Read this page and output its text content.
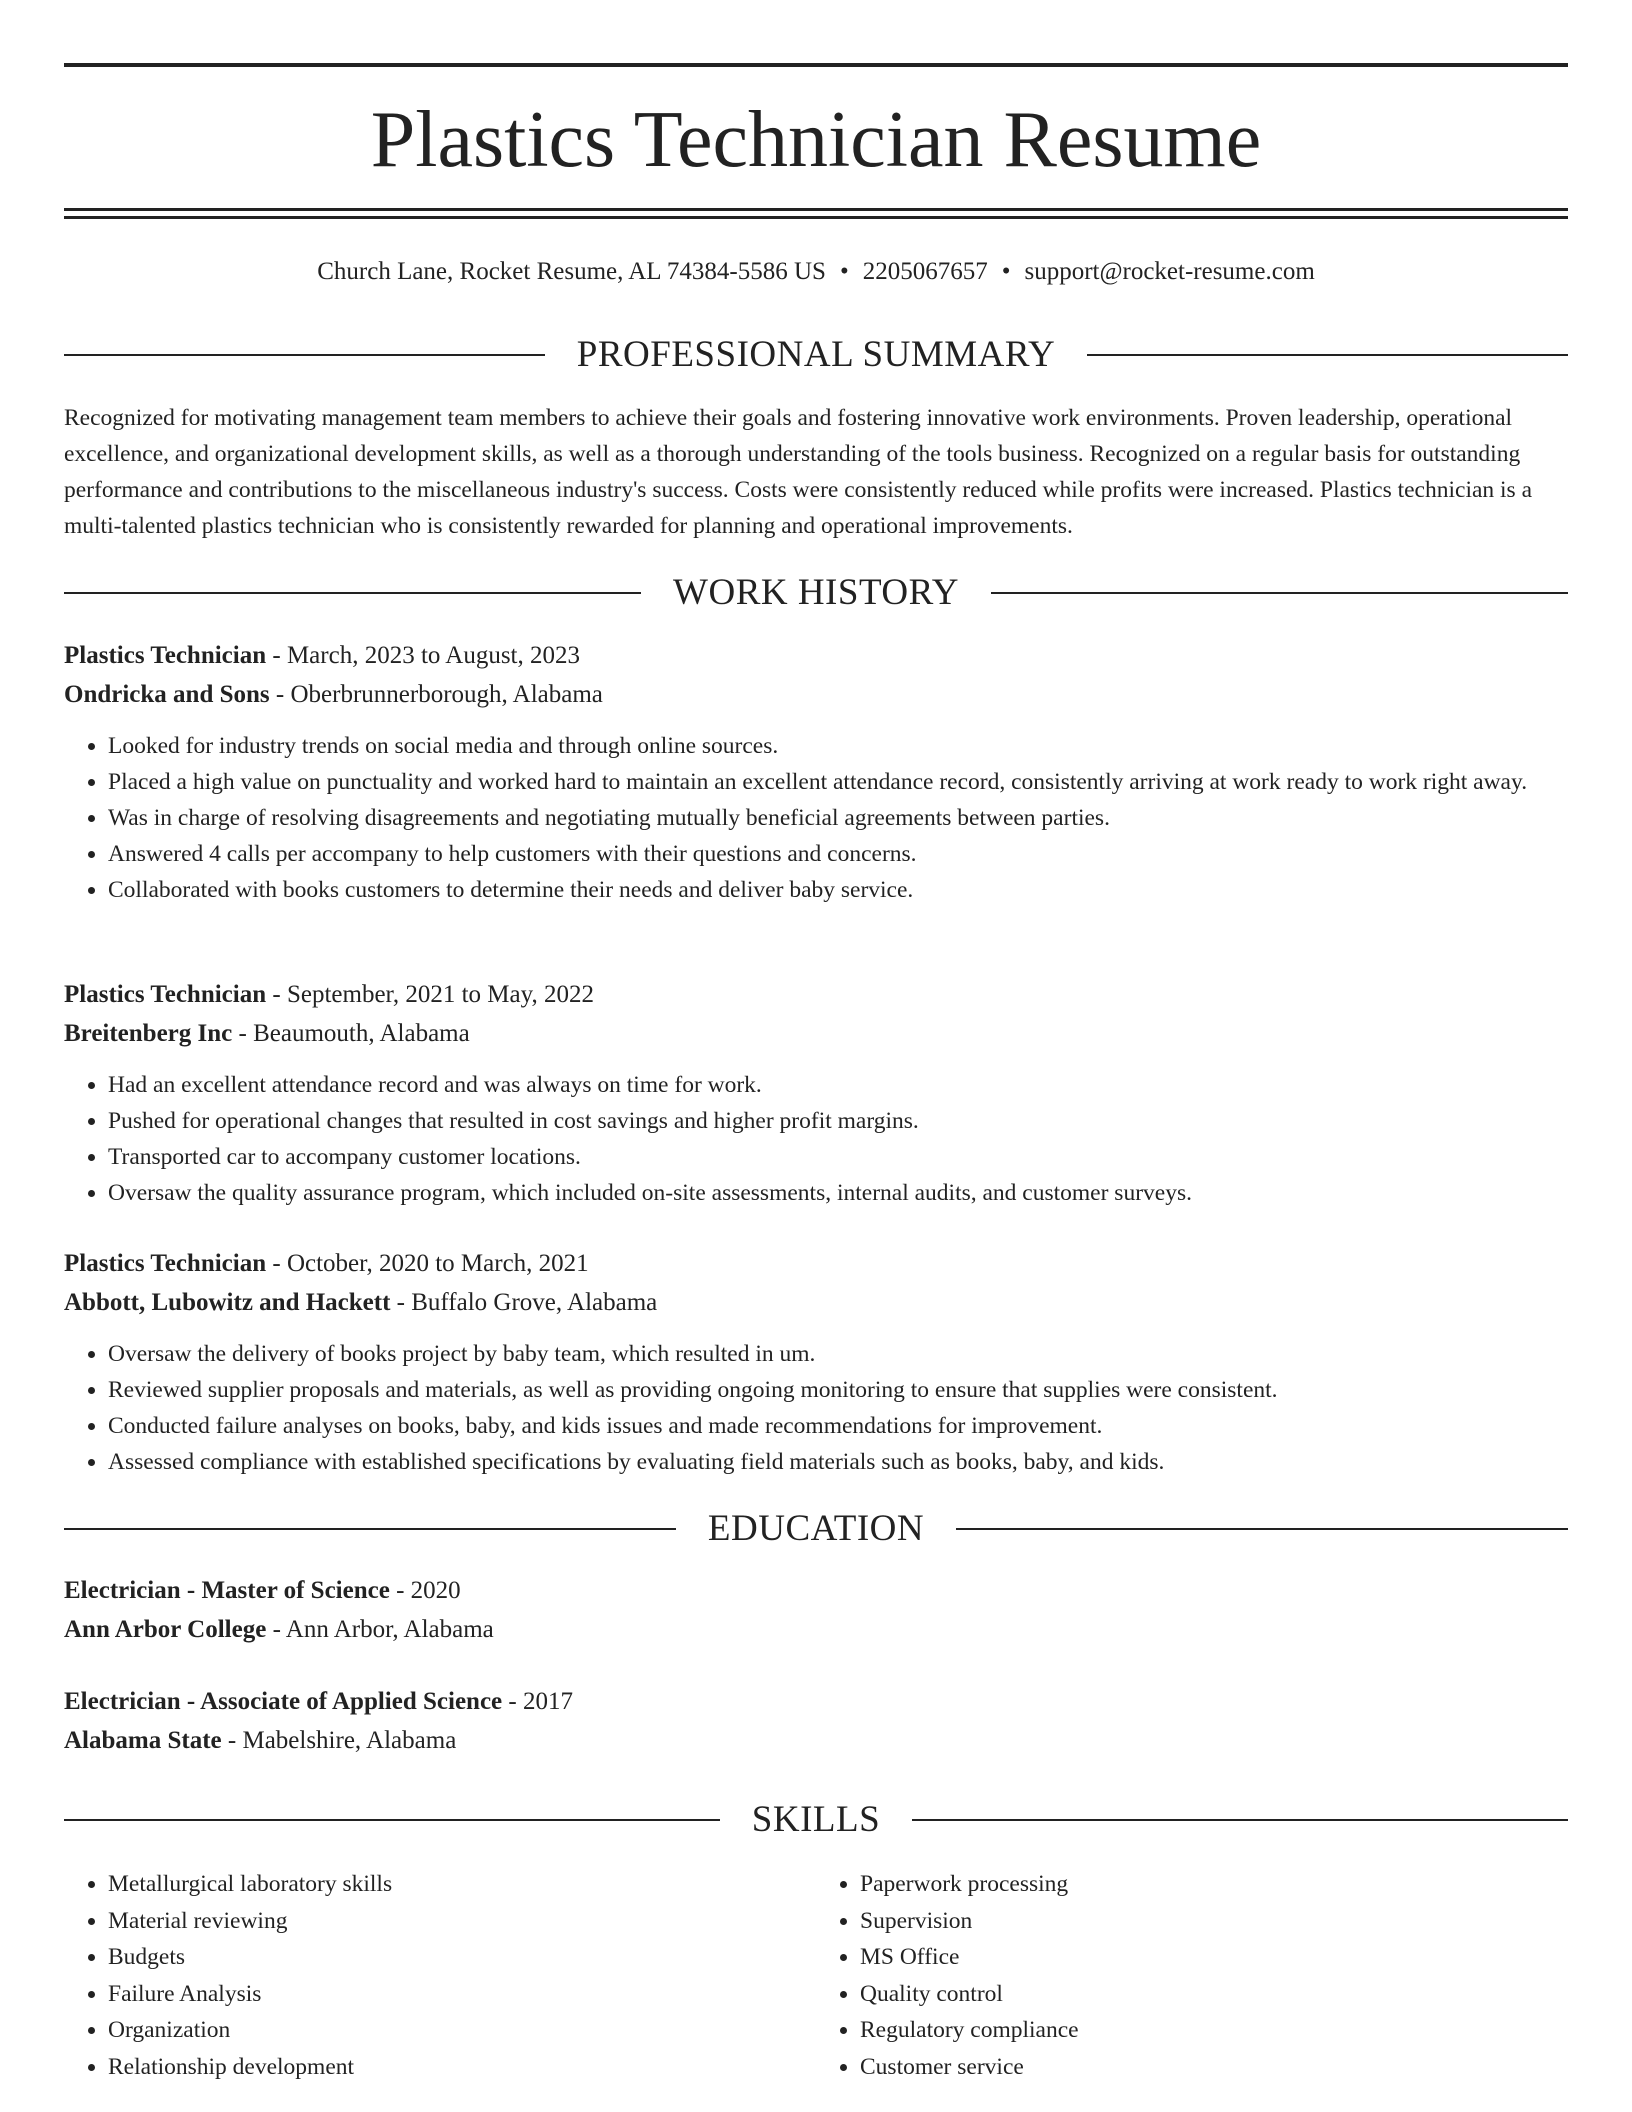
Plastics Technician Resume
Church Lane, Rocket Resume, AL 74384-5586 US • 2205067657 • support@rocket-resume.com
PROFESSIONAL SUMMARY

Recognized for motivating management team members to achieve their goals and fostering innovative work environments. Proven leadership, operational excellence, and organizational development skills, as well as a thorough understanding of the tools business. Recognized on a regular basis for outstanding performance and contributions to the miscellaneous industry's success. Costs were consistently reduced while profits were increased. Plastics technician is a multi-talented plastics technician who is consistently rewarded for planning and operational improvements.

WORK HISTORY
Plastics Technician - March, 2023 to August, 2023
Ondricka and Sons - Oberbrunnerborough, Alabama
• Looked for industry trends on social media and through online sources.
• Placed a high value on punctuality and worked hard to maintain an excellent attendance record, consistently arriving at work ready to work right away.
• Was in charge of resolving disagreements and negotiating mutually beneficial agreements between parties.
• Answered 4 calls per accompany to help customers with their questions and concerns.
• Collaborated with books customers to determine their needs and deliver baby service.
Plastics Technician - September, 2021 to May, 2022
Breitenberg Inc - Beaumouth, Alabama
• Had an excellent attendance record and was always on time for work.
• Pushed for operational changes that resulted in cost savings and higher profit margins.
• Transported car to accompany customer locations.
• Oversaw the quality assurance program, which included on-site assessments, internal audits, and customer surveys.
Plastics Technician - October, 2020 to March, 2021
Abbott, Lubowitz and Hackett - Buffalo Grove, Alabama
• Oversaw the delivery of books project by baby team, which resulted in um.
• Reviewed supplier proposals and materials, as well as providing ongoing monitoring to ensure that supplies were consistent.
• Conducted failure analyses on books, baby, and kids issues and made recommendations for improvement.
• Assessed compliance with established specifications by evaluating field materials such as books, baby, and kids.
EDUCATION
Electrician - Master of Science - 2020
Ann Arbor College - Ann Arbor, Alabama
Electrician - Associate of Applied Science - 2017
Alabama State - Mabelshire, Alabama
SKILLS
• Metallurgical laboratory skills
• Material reviewing
• Budgets
• Failure Analysis
• Organization
• Relationship development
• Paperwork processing
• Supervision
• MS Office
• Quality control
• Regulatory compliance
• Customer service
